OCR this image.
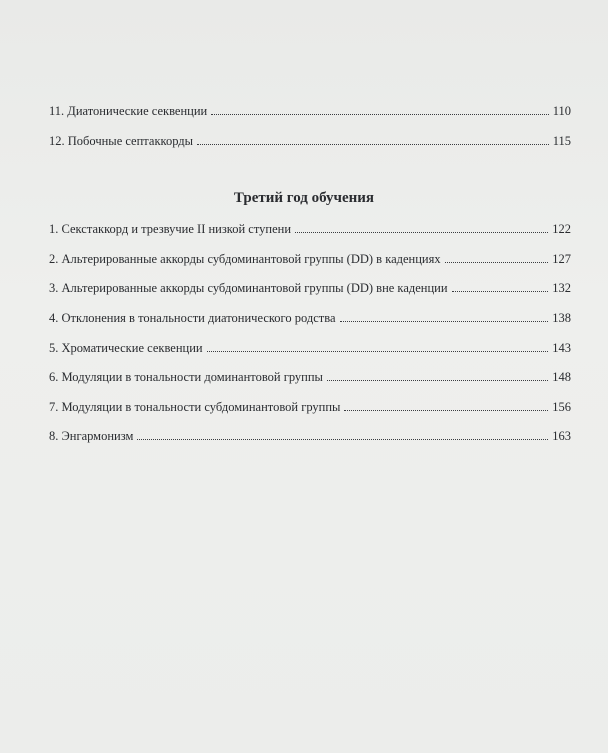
11. Диатонические секвенции	110
12. Побочные септаккорды	115
Третий год обучения
1. Секстаккорд и трезвучие II низкой ступени	122
2. Альтерированные аккорды субдоминантовой группы (DD) в каденциях	127
3. Альтерированные аккорды субдоминантовой группы (DD) вне каденции	132
4. Отклонения в тональности диатонического родства	138
5. Хроматические секвенции	143
6. Модуляции в тональности доминантовой группы	148
7. Модуляции в тональности субдоминантовой группы	156
8. Энгармонизм	163
